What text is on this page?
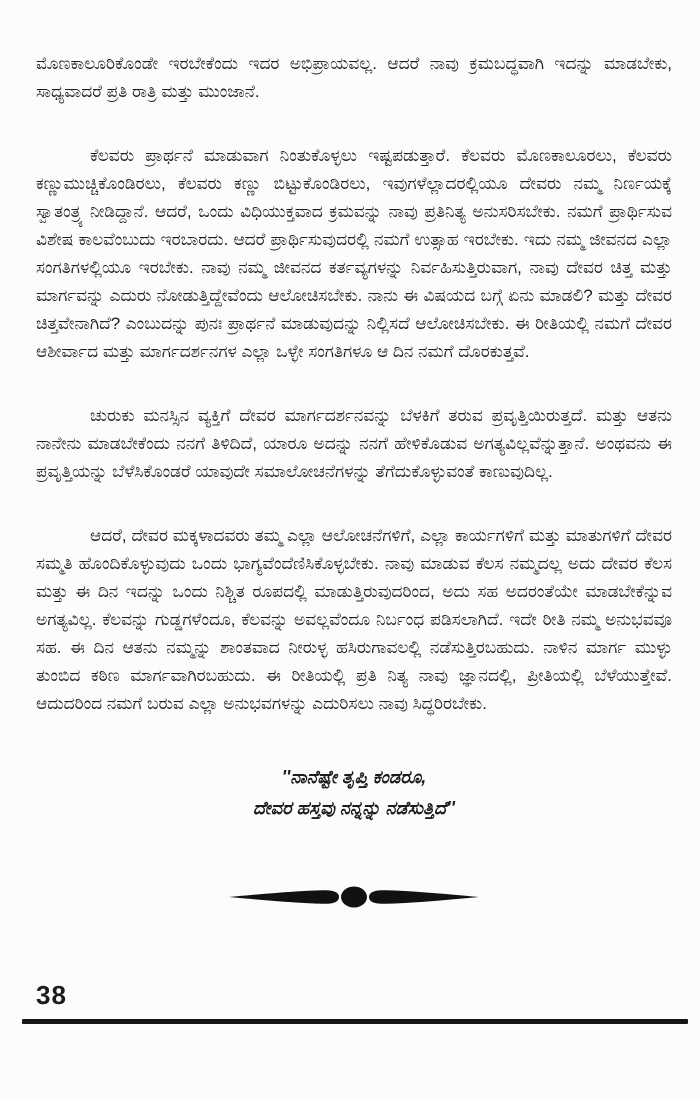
ಮೊಣಕಾಲೂರಿಕೊಂಡೇ ಇರಬೇಕೆಂದು ಇದರ ಅಭಿಪ್ರಾಯವಲ್ಲ. ಆದರೆ ನಾವು ಕ್ರಮಬದ್ಧವಾಗಿ ಇದನ್ನು ಮಾಡಬೇಕು, ಸಾಧ್ಯವಾದರೆ ಪ್ರತಿ ರಾತ್ರಿ ಮತ್ತು ಮುಂಜಾನೆ.

ಕೆಲವರು ಪ್ರಾರ್ಥನೆ ಮಾಡುವಾಗ ನಿಂತುಕೊಳ್ಳಲು ಇಷ್ಟಪಡುತ್ತಾರೆ. ಕೆಲವರು ಮೊಣಕಾಲೂರಲು, ಕೆಲವರು ಕಣ್ಣುಮುಚ್ಚಿಕೊಂಡಿರಲು, ಕೆಲವರು ಕಣ್ಣು ಬಿಟ್ಟುಕೊಂಡಿರಲು, ಇವುಗಳೆಲ್ಲಾದರಲ್ಲಿಯೂ ದೇವರು ನಮ್ಮ ನಿರ್ಣಯಕ್ಕೆ ಸ್ವಾತಂತ್ರ್ಯ ನೀಡಿದ್ದಾನೆ. ಆದರೆ, ಒಂದು ವಿಧಿಯುಕ್ತವಾದ ಕ್ರಮವನ್ನು ನಾವು ಪ್ರತಿನಿತ್ಯ ಅನುಸರಿಸಬೇಕು. ನಮಗೆ ಪ್ರಾರ್ಥಿಸುವ ವಿಶೇಷ ಕಾಲವೆಂಬುದು ಇರಬಾರದು. ಆದರೆ ಪ್ರಾರ್ಥಿಸುವುದರಲ್ಲಿ ನಮಗೆ ಉತ್ಸಾಹ ಇರಬೇಕು. ಇದು ನಮ್ಮ ಜೀವನದ ಎಲ್ಲಾ ಸಂಗತಿಗಳಲ್ಲಿಯೂ ಇರಬೇಕು. ನಾವು ನಮ್ಮ ಜೀವನದ ಕರ್ತವ್ಯಗಳನ್ನು ನಿರ್ವಹಿಸುತ್ತಿರುವಾಗ, ನಾವು ದೇವರ ಚಿತ್ತ ಮತ್ತು ಮಾರ್ಗವನ್ನು ಎದುರು ನೋಡುತ್ತಿದ್ದೇವೆಂದು ಆಲೋಚಿಸಬೇಕು. ನಾನು ಈ ವಿಷಯದ ಬಗ್ಗೆ ಏನು ಮಾಡಲಿ? ಮತ್ತು ದೇವರ ಚಿತ್ತವೇನಾಗಿದೆ? ಎಂಬುದನ್ನು ಪುನಃ ಪ್ರಾರ್ಥನೆ ಮಾಡುವುದನ್ನು ನಿಲ್ಲಿಸದೆ ಆಲೋಚಿಸಬೇಕು. ಈ ರೀತಿಯಲ್ಲಿ ನಮಗೆ ದೇವರ ಆಶೀರ್ವಾದ ಮತ್ತು ಮಾರ್ಗದರ್ಶನಗಳ ಎಲ್ಲಾ ಒಳ್ಳೇ ಸಂಗತಿಗಳೂ ಆ ದಿನ ನಮಗೆ ದೊರಕುತ್ತವೆ.

ಚುರುಕು ಮನಸ್ಸಿನ ವ್ಯಕ್ತಿಗೆ ದೇವರ ಮಾರ್ಗದರ್ಶನವನ್ನು ಬೆಳಕಿಗೆ ತರುವ ಪ್ರವೃತ್ತಿಯಿರುತ್ತದೆ. ಮತ್ತು ಆತನು ನಾನೇನು ಮಾಡಬೇಕೆಂದು ನನಗೆ ತಿಳಿದಿದೆ, ಯಾರೂ ಅದನ್ನು ನನಗೆ ಹೇಳಿಕೊಡುವ ಅಗತ್ಯವಿಲ್ಲವೆನ್ನುತ್ತಾನೆ. ಅಂಥವನು ಈ ಪ್ರವೃತ್ತಿಯನ್ನು ಬೆಳೆಸಿಕೊಂಡರೆ ಯಾವುದೇ ಸಮಾಲೋಚನೆಗಳನ್ನು ತೆಗೆದುಕೊಳ್ಳುವಂತೆ ಕಾಣುವುದಿಲ್ಲ.

ಆದರೆ, ದೇವರ ಮಕ್ಕಳಾದವರು ತಮ್ಮ ಎಲ್ಲಾ ಆಲೋಚನೆಗಳಿಗೆ, ಎಲ್ಲಾ ಕಾರ್ಯಗಳಿಗೆ ಮತ್ತು ಮಾತುಗಳಿಗೆ ದೇವರ ಸಮ್ಮತಿ ಹೊಂದಿಕೊಳ್ಳುವುದು ಒಂದು ಭಾಗ್ಯವೆಂದೆಣಿಸಿಕೊಳ್ಳಬೇಕು. ನಾವು ಮಾಡುವ ಕೆಲಸ ನಮ್ಮದಲ್ಲ ಅದು ದೇವರ ಕೆಲಸ ಮತ್ತು ಈ ದಿನ ಇದನ್ನು ಒಂದು ನಿಶ್ಚಿತ ರೂಪದಲ್ಲಿ ಮಾಡುತ್ತಿರುವುದರಿಂದ, ಅದು ಸಹ ಅದರಂತೆಯೇ ಮಾಡಬೇಕೆನ್ನುವ ಅಗತ್ಯವಿಲ್ಲ. ಕೆಲವನ್ನು ಗುಡ್ಡಗಳೆಂದೂ, ಕೆಲವನ್ನು ಅವಲ್ಲವೆಂದೂ ನಿರ್ಬಂಧ ಪಡಿಸಲಾಗಿದೆ. ಇದೇ ರೀತಿ ನಮ್ಮ ಅನುಭವವೂ ಸಹ. ಈ ದಿನ ಆತನು ನಮ್ಮನ್ನು ಶಾಂತವಾದ ನೀರುಳ್ಳ ಹಸಿರುಗಾವಲಲ್ಲಿ ನಡೆಸುತ್ತಿರಬಹುದು. ನಾಳಿನ ಮಾರ್ಗ ಮುಳ್ಳು ತುಂಬಿದ ಕಠಿಣ ಮಾರ್ಗವಾಗಿರಬಹುದು. ಈ ರೀತಿಯಲ್ಲಿ ಪ್ರತಿ ನಿತ್ಯ ನಾವು ಜ್ಞಾನದಲ್ಲಿ, ಪ್ರೀತಿಯಲ್ಲಿ ಬೆಳೆಯುತ್ತೇವೆ. ಆದುದರಿಂದ ನಮಗೆ ಬರುವ ಎಲ್ಲಾ ಅನುಭವಗಳನ್ನು ಎದುರಿಸಲು ನಾವು ಸಿದ್ಧರಿರಬೇಕು.

''ನಾನೆಷ್ಟೇ ತೃಪ್ತಿ ಕಂಡರೂ,
ದೇವರ ಹಸ್ತವು ನನ್ನನ್ನು ನಡೆಸುತ್ತಿದೆ''
38
